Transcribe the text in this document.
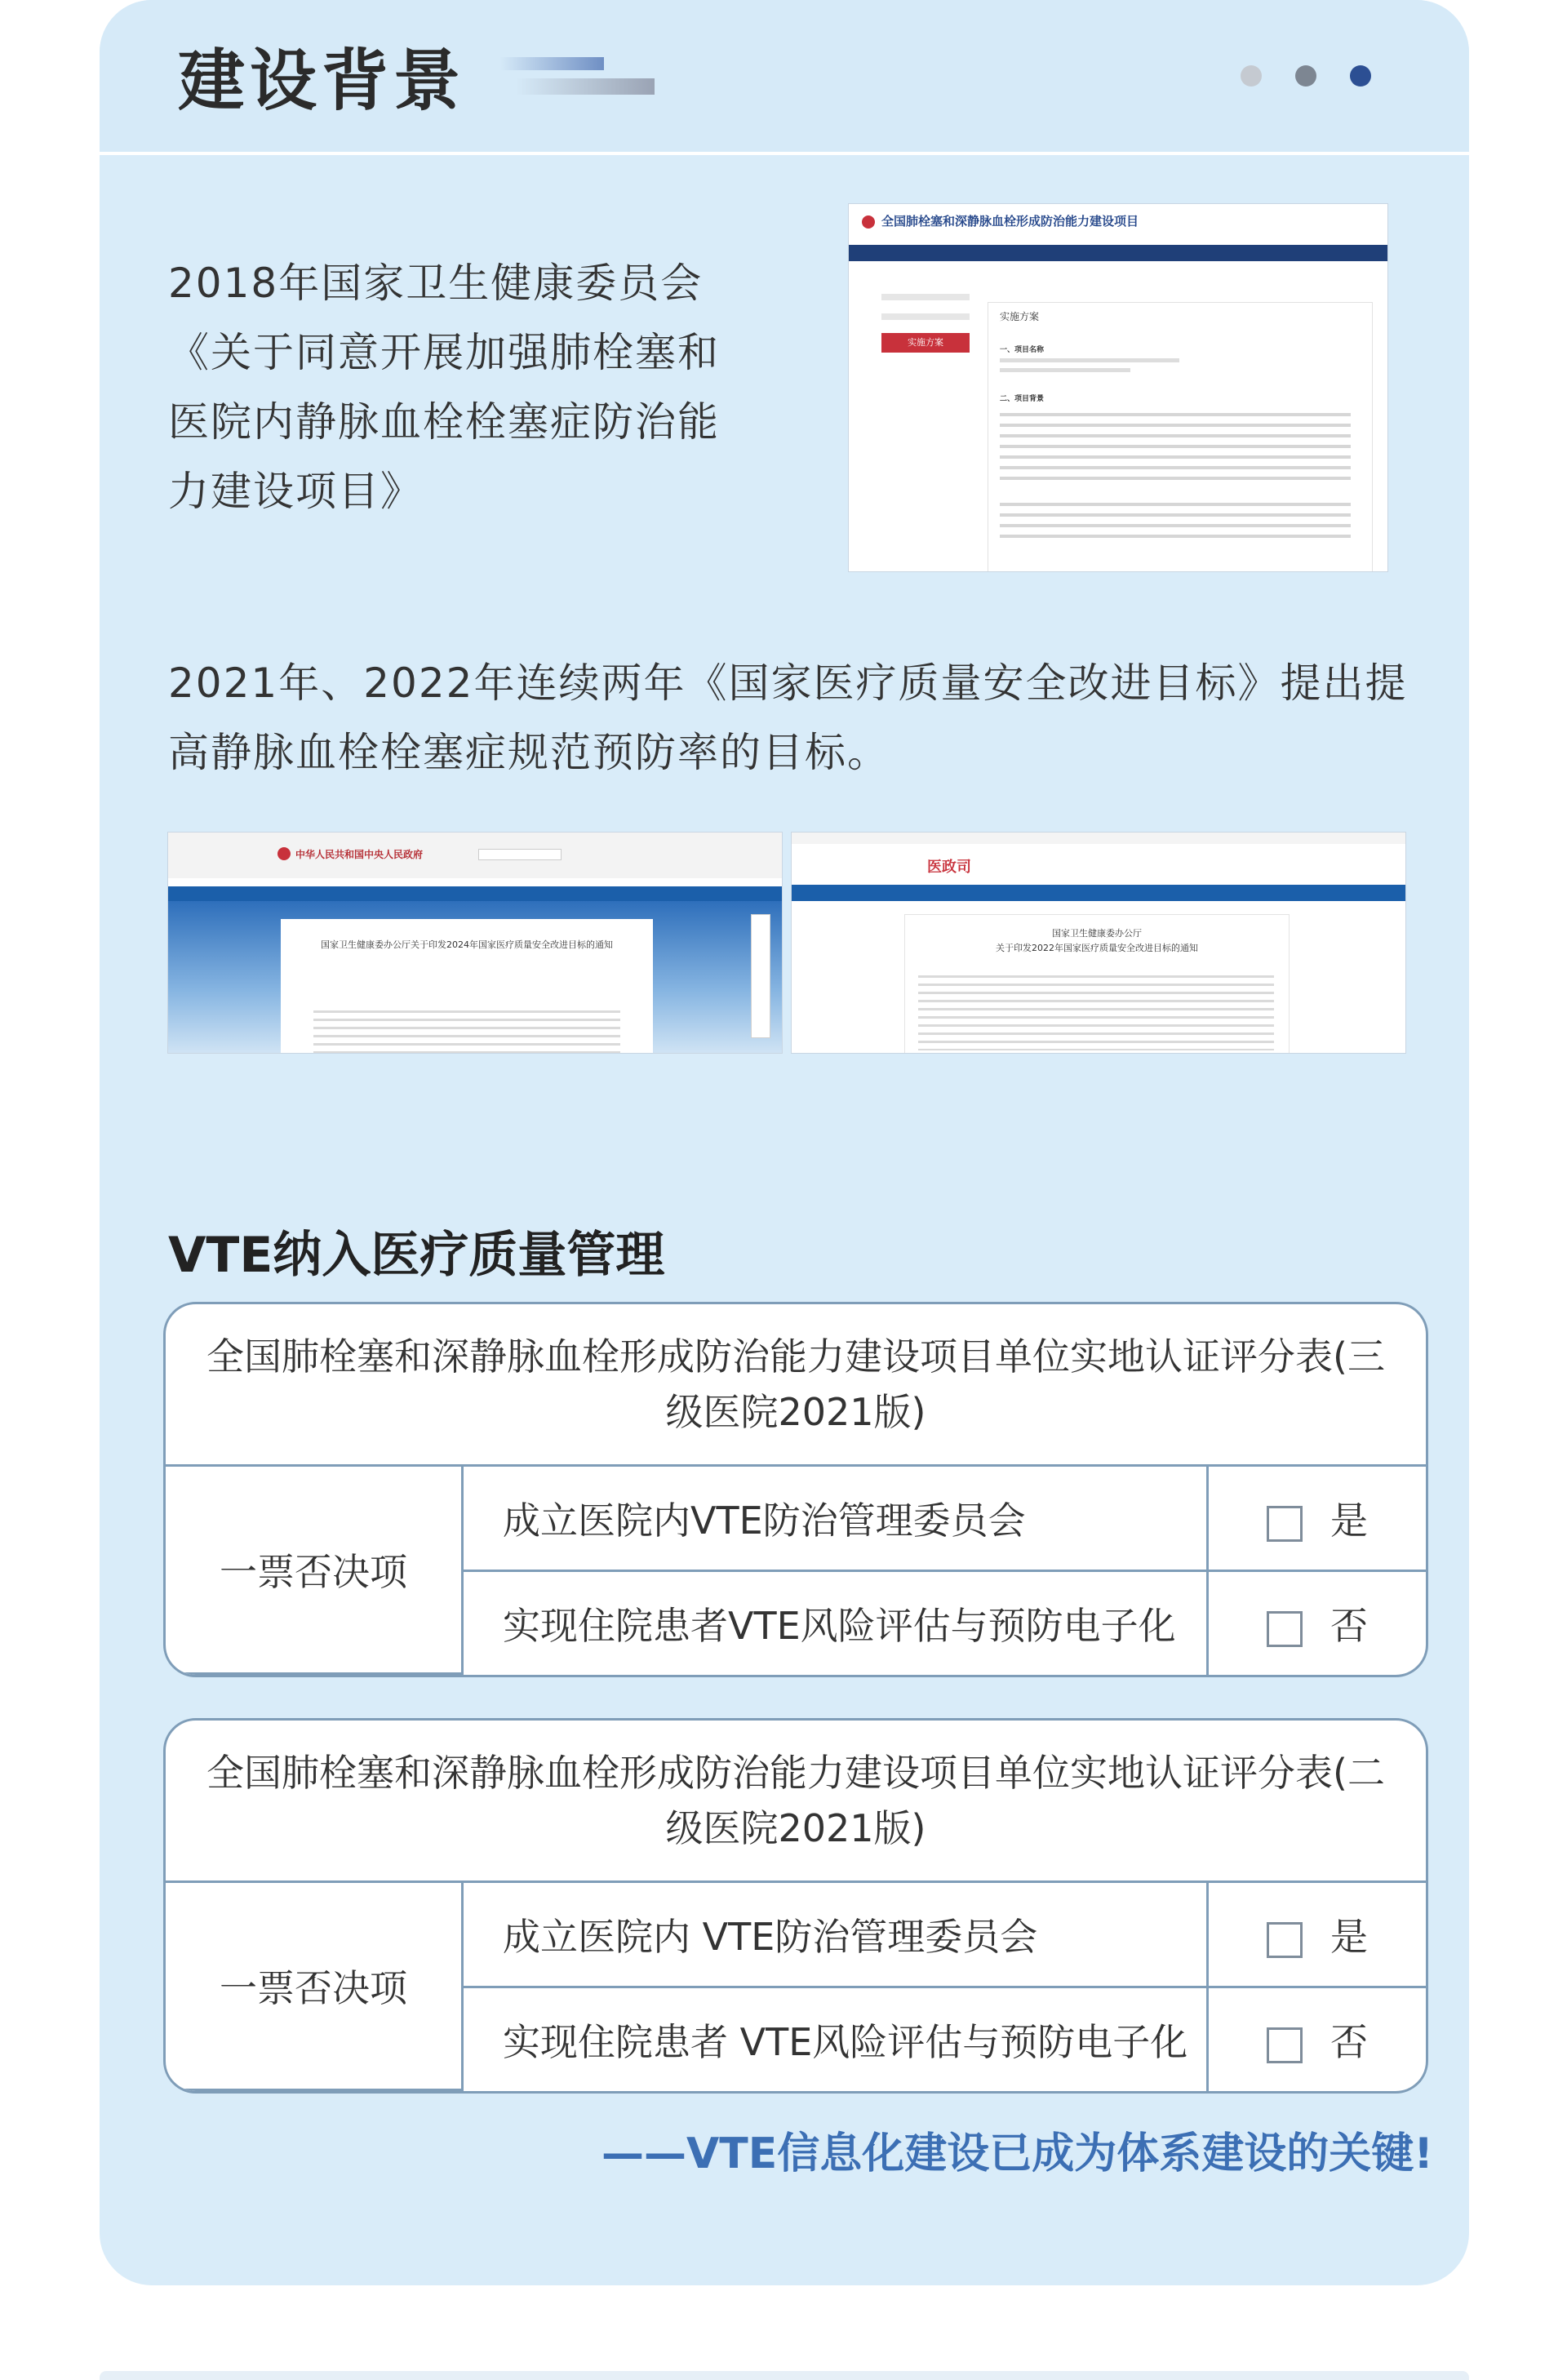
建设背景

2018年国家卫生健康委员会《关于同意开展加强肺栓塞和医院内静脉血栓栓塞症防治能力建设项目》
全国肺栓塞和深静脉血栓形成防治能力建设项目
实施方案
实施方案
一、项目名称
二、项目背景
2021年、2022年连续两年《国家医疗质量安全改进目标》提出提高静脉血栓栓塞症规范预防率的目标。
中华人民共和国中央人民政府
国家卫生健康委办公厅关于印发2024年国家医疗质量安全改进目标的通知
医政司
国家卫生健康委办公厅
关于印发2022年国家医疗质量安全改进目标的通知
VTE纳入医疗质量管理
全国肺栓塞和深静脉血栓形成防治能力建设项目单位实地认证评分表(三级医院2021版)		
一票否决项	成立医院内VTE防治管理委员会	是
	实现住院患者VTE风险评估与预防电子化	否
全国肺栓塞和深静脉血栓形成防治能力建设项目单位实地认证评分表(二级医院2021版)		
一票否决项	成立医院内 VTE防治管理委员会	是
	实现住院患者 VTE风险评估与预防电子化	否
——VTE信息化建设已成为体系建设的关键!
